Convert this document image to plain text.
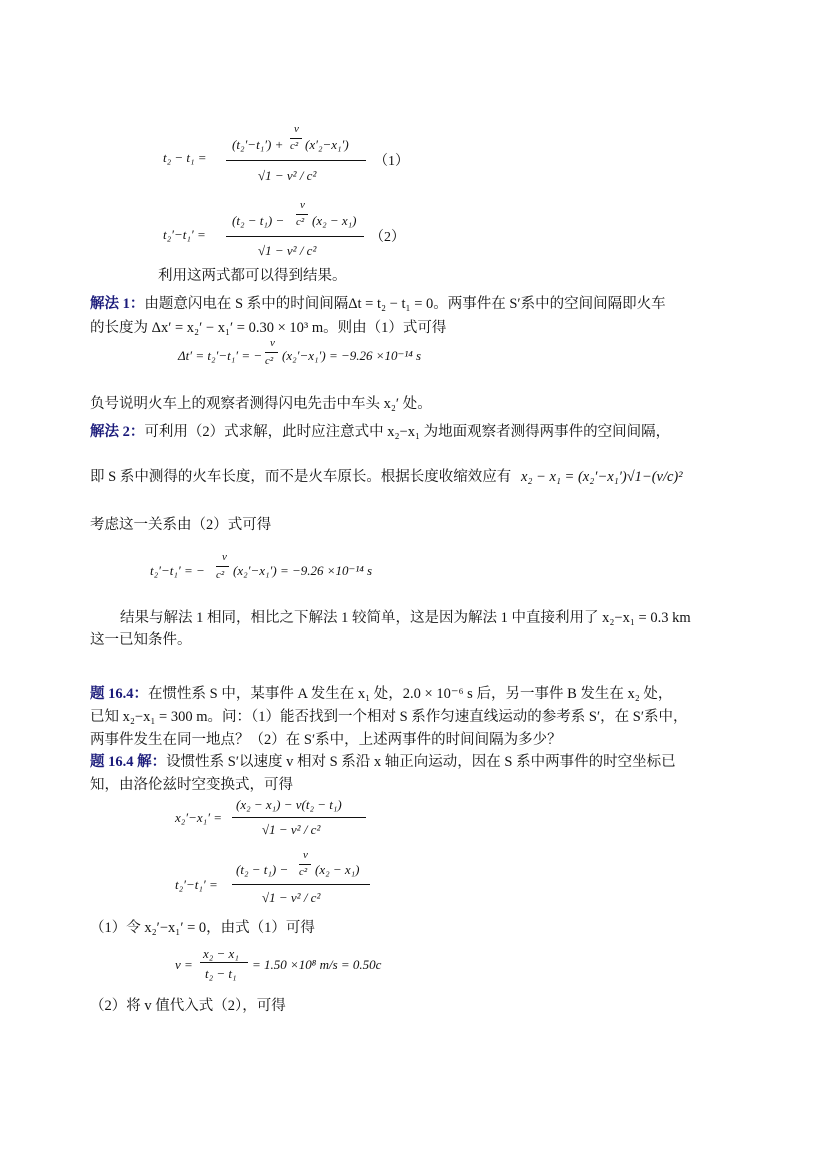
t₂ − t₁ =
(t₂′−t₁′) +
v
c² (x′₂−x₁′)
√1 − v² / c²
（1）
t₂′−t₁′ =
(t₂ − t₁) −
v
c² (x₂ − x₁)
√1 − v² / c²
（2）
利用这两式都可以得到结果。
解法 1：由题意闪电在 S 系中的时间间隔Δt = t₂ − t₁ = 0。两事件在 S′系中的空间间隔即火车
的长度为 Δx′ = x₂′ − x₁′ = 0.30 × 10³ m。则由（1）式可得
Δt′ = t₂′−t₁′ = −
v
c² (x₂′−x₁′) = −9.26 ×10⁻¹⁴ s
负号说明火车上的观察者测得闪电先击中车头 x₂′ 处。
解法 2：可利用（2）式求解，此时应注意式中 x₂−x₁ 为地面观察者测得两事件的空间间隔，
即 S 系中测得的火车长度，而不是火车原长。根据长度收缩效应有 x₂ − x₁ = (x₂′−x₁′)√1−(v/c)²
考虑这一关系由（2）式可得
t₂′−t₁′ = −
v
c² (x₂′−x₁′) = −9.26 ×10⁻¹⁴ s
结果与解法 1 相同，相比之下解法 1 较简单，这是因为解法 1 中直接利用了 x₂−x₁ = 0.3 km
这一已知条件。
题 16.4：在惯性系 S 中，某事件 A 发生在 x₁ 处，2.0 × 10⁻⁶ s 后，另一事件 B 发生在 x₂ 处，
已知 x₂−x₁ = 300 m。问：（1）能否找到一个相对 S 系作匀速直线运动的参考系 S′，在 S′系中，
两事件发生在同一地点？（2）在 S′系中，上述两事件的时间间隔为多少？
题 16.4 解：设惯性系 S′以速度 v 相对 S 系沿 x 轴正向运动，因在 S 系中两事件的时空坐标已
知，由洛伦兹时空变换式，可得
x₂′−x₁′ =
(x₂ − x₁) − v(t₂ − t₁)
√1 − v² / c²
t₂′−t₁′ =
(t₂ − t₁) −
v
c² (x₂ − x₁)
√1 − v² / c²
（1）令 x₂′−x₁′ = 0，由式（1）可得
v =
x₂ − x₁
t₂ − t₁
= 1.50 ×10⁸ m/s = 0.50c
（2）将 v 值代入式（2），可得
